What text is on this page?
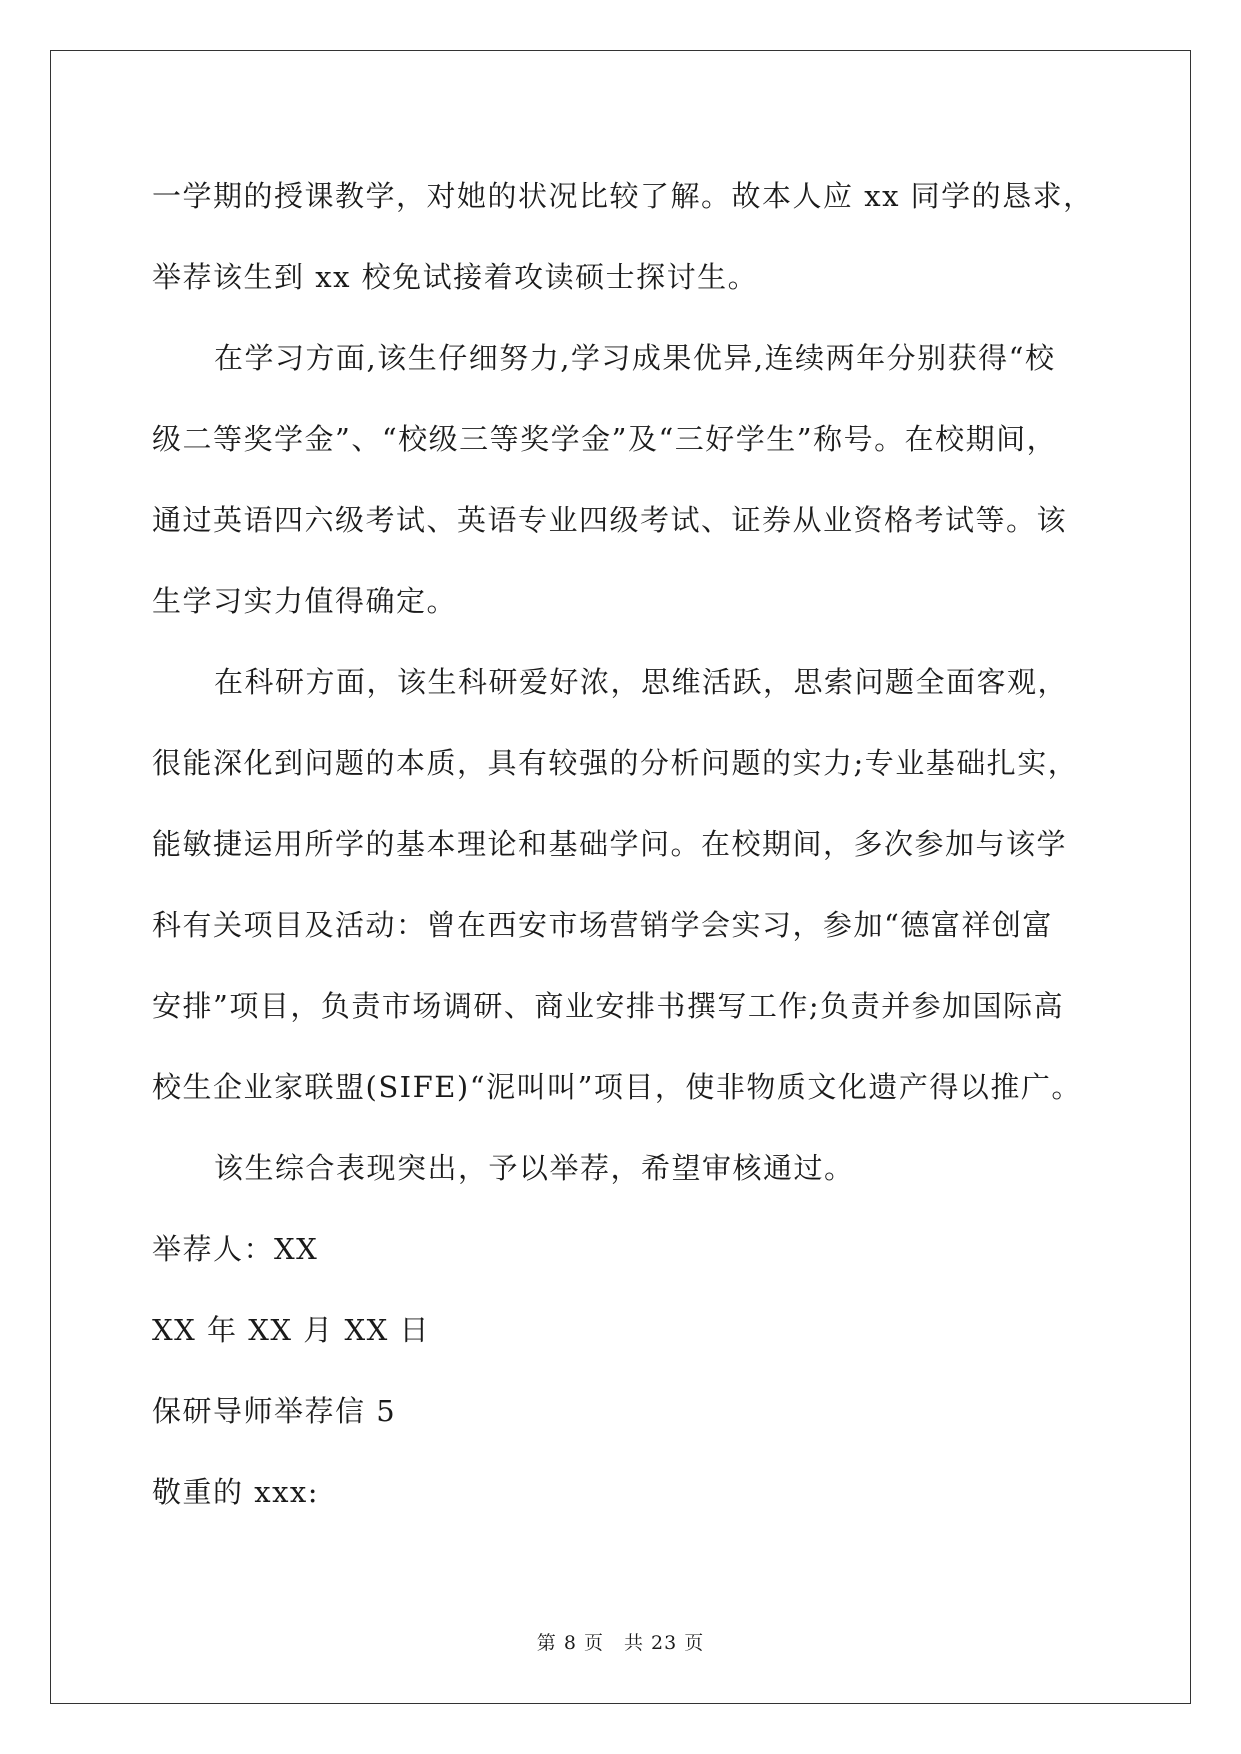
一学期的授课教学，对她的状况比较了解。故本人应 xx 同学的恳求，

举荐该生到 xx 校免试接着攻读硕士探讨生。

在学习方面,该生仔细努力,学习成果优异,连续两年分别获得“校

级二等奖学金”、“校级三等奖学金”及“三好学生”称号。在校期间，

通过英语四六级考试、英语专业四级考试、证券从业资格考试等。该

生学习实力值得确定。

在科研方面，该生科研爱好浓，思维活跃，思索问题全面客观，

很能深化到问题的本质，具有较强的分析问题的实力;专业基础扎实，

能敏捷运用所学的基本理论和基础学问。在校期间，多次参加与该学

科有关项目及活动：曾在西安市场营销学会实习，参加“德富祥创富

安排”项目，负责市场调研、商业安排书撰写工作;负责并参加国际高

校生企业家联盟(SIFE)“泥叫叫”项目，使非物质文化遗产得以推广。

该生综合表现突出，予以举荐，希望审核通过。

举荐人：XX

XX 年 XX 月 XX 日

保研导师举荐信 5

敬重的 xxx:

第 8 页　共 23 页
